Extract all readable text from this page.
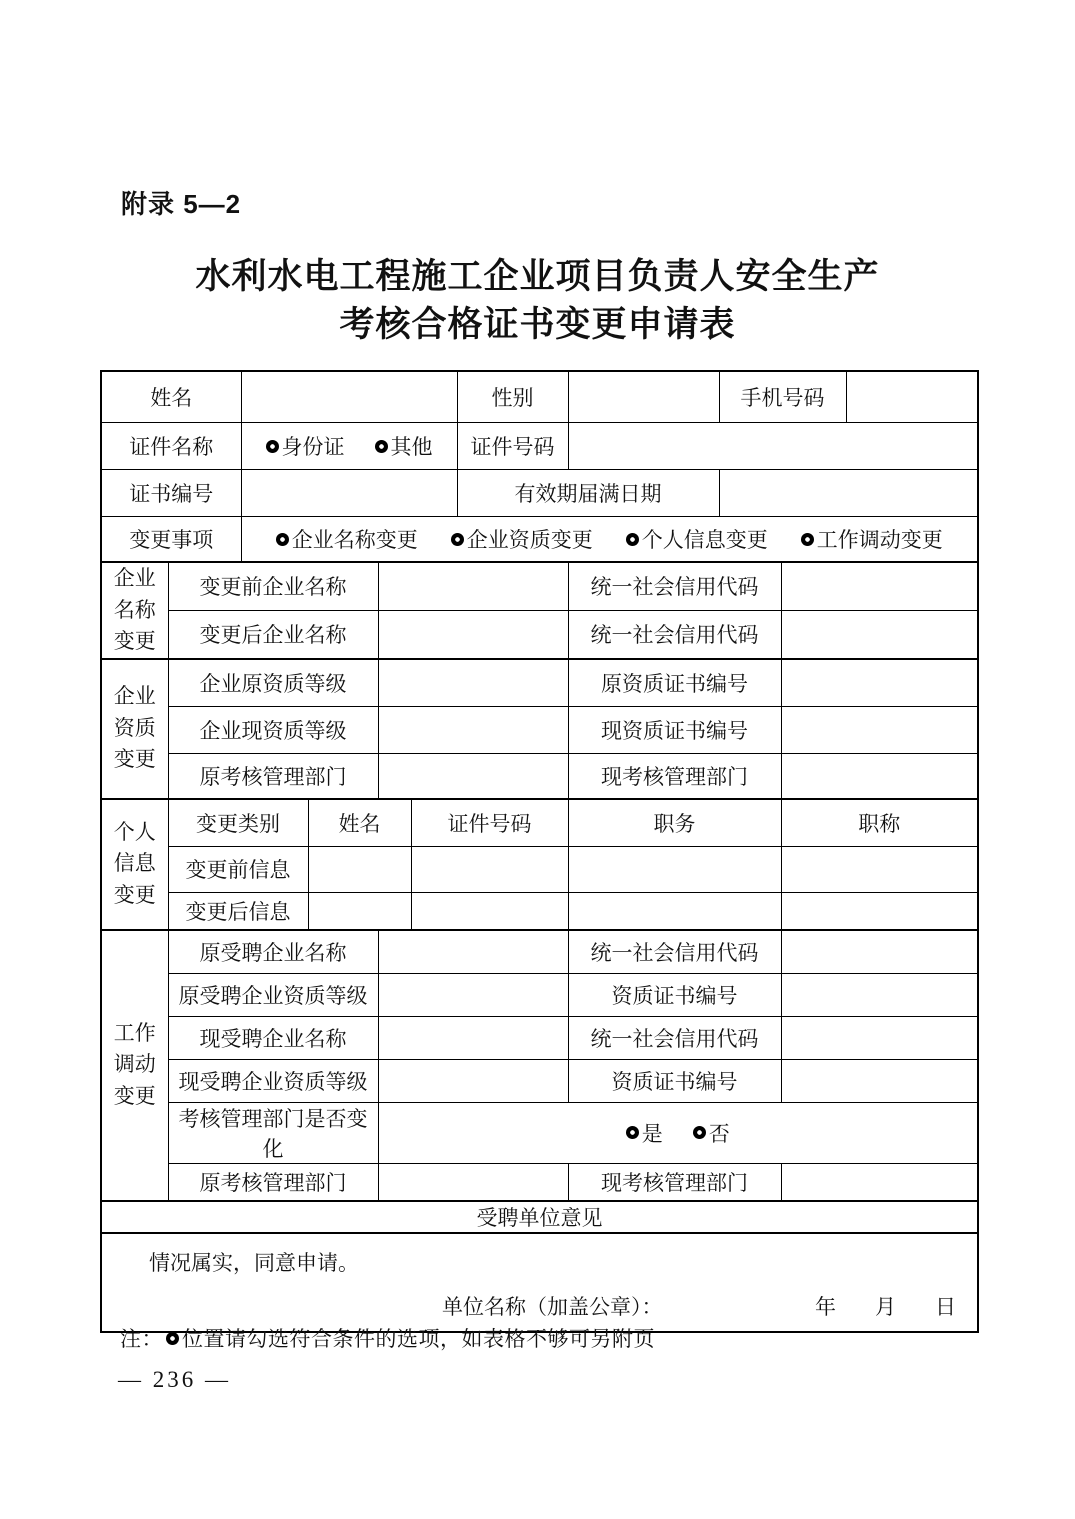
附录 5—2
水利水电工程施工企业项目负责人安全生产
考核合格证书变更申请表
姓名						性别		手机号码		
证件名称		身份证 其他				证件号码				
证书编号						有效期届满日期				
变更事项		企业名称变更 企业资质变更 个人信息变更 工作调动变更								

企业名称变更	变更前企业名称						统一社会信用代码			
	变更后企业名称						统一社会信用代码			
企业资质变更	企业原资质等级						原资质证书编号			
	企业现资质等级						现资质证书编号			
	原考核管理部门						现考核管理部门			
个人信息变更	变更类别		姓名		证件号码		职务		职称	
	变更前信息									
	变更后信息									
工作调动变更	原受聘企业名称						统一社会信用代码			
	原受聘企业资质等级						资质证书编号			
	现受聘企业名称						统一社会信用代码			
	现受聘企业资质等级						资质证书编号			
	考核管理部门是否变化			是 否						

	原考核管理部门						现考核管理部门			
受聘单位意见										

情况属实，同意申请。
单位名称（加盖公章）： 年 月 日										
注： 位置请勾选符合条件的选项，如表格不够可另附页
— 236 —
